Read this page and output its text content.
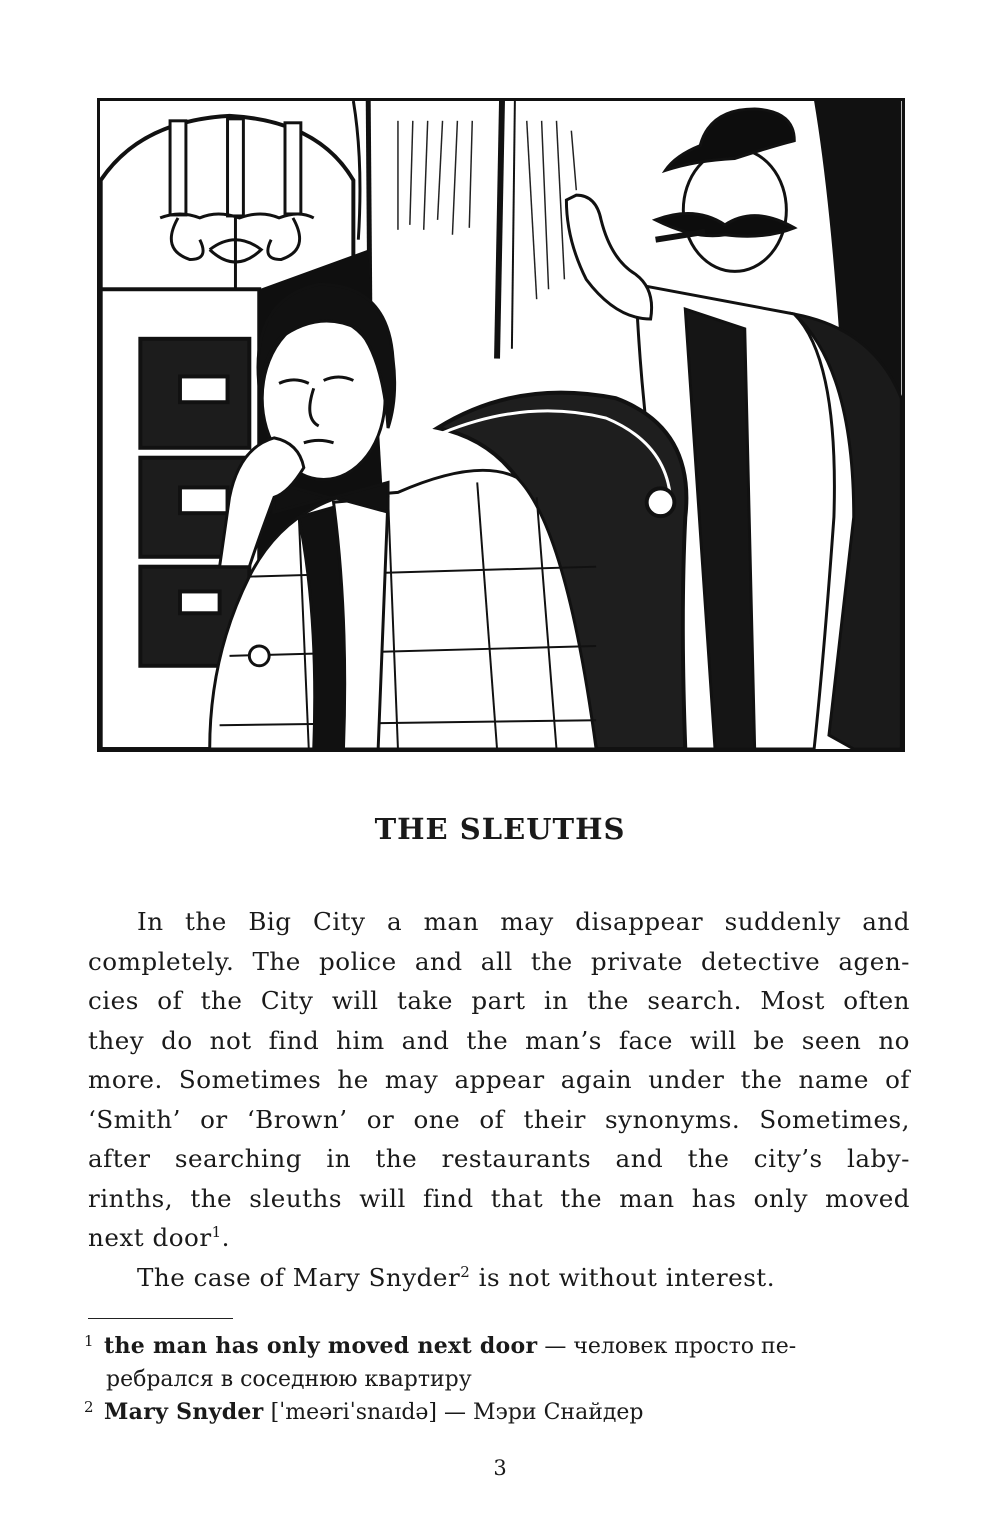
THE SLEUTHS
In the Big City a man may disappear suddenly and
completely. The police and all the private detective agen-
cies of the City will take part in the search. Most often
they do not find him and the man’s face will be seen no
more. Sometimes he may appear again under the name of
‘Smith’ or ‘Brown’ or one of their synonyms. Sometimes,
after searching in the restaurants and the city’s laby-
rinths, the sleuths will find that the man has only moved
next door$^1$.
The case of Mary Snyder$^2$ is not without interest.
1 the man has only moved next door — человек просто пе-
ребрался в соседнюю квартиру
2 Mary Snyder [ˈmeəriˈsnaɪdə] — Мэри Снайдер
3
